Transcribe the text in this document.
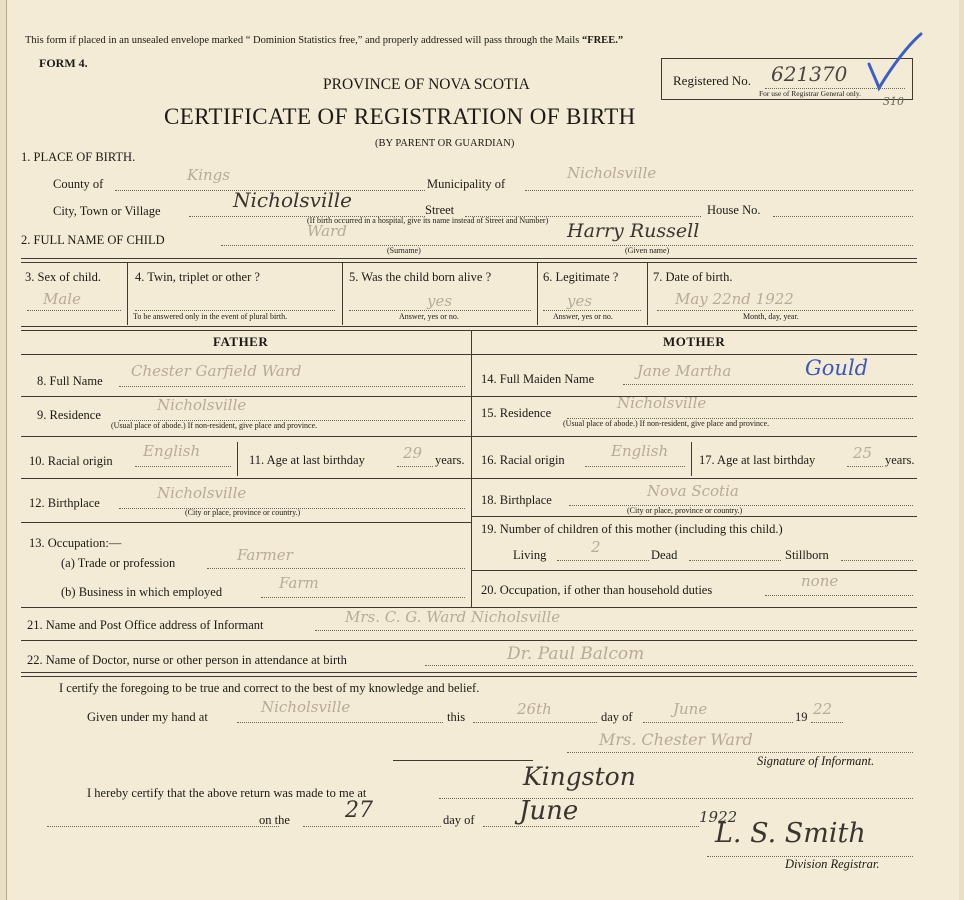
This form if placed in an unsealed envelope marked “ Dominion Statistics free,” and properly addressed will pass through the Mails “FREE.”
FORM 4.
PROVINCE OF NOVA SCOTIA
CERTIFICATE OF REGISTRATION OF BIRTH
(BY PARENT OR GUARDIAN)
Registered No. 621370
For use of Registrar General only.
310
1. PLACE OF BIRTH.
County of	Kings	Municipality of
Nicholsville
City, Town or Village	Nicholsville	Street	House No.
(If birth occurred in a hospital, give its name instead of Street and Number)
2. FULL NAME OF CHILD	Ward	Harry Russell
(Surname)	(Given name)
3. Sex of child.
Male
4. Twin, triplet or other ?
To be answered only in the event of plural birth.
5. Was the child born alive ?
yes
Answer, yes or no.
6. Legitimate ?
yes
Answer, yes or no.
7. Date of birth.
May 22nd 1922
Month, day, year.
FATHER	MOTHER
8. Full Name
Chester Garfield Ward
9. Residence
Nicholsville
(Usual place of abode.) If non-resident, give place and province.
10. Racial origin
English	11. Age at last birthday	29 years.
12. Birthplace
Nicholsville
(City or place, province or country.)
13. Occupation:—
(a) Trade or profession	Farmer
(b) Business in which employed	Farm
14. Full Maiden Name	Jane Martha	Gould
15. Residence
Nicholsville
(Usual place of abode.) If non-resident, give place and province.
16. Racial origin	English 17. Age at last birthday	25 years.
18. Birthplace	Nova Scotia
(City or place, province or country.)
19. Number of children of this mother (including this child.)
Living	2	Dead	Stillborn
20. Occupation, if other than household duties	none
21. Name and Post Office address of Informant	Mrs. C. G. Ward Nicholsville
22. Name of Doctor, nurse or other person in attendance at birth	Dr. Paul Balcom
I certify the foregoing to be true and correct to the best of my knowledge and belief.
Given under my hand at
Nicholsville
this	26th	day of	June	19 22
Mrs. Chester Ward
Signature of Informant.
I hereby certify that the above return was made to me at
Kingston
on the	27	day of June	1922
L. S. Smith
Division Registrar.
